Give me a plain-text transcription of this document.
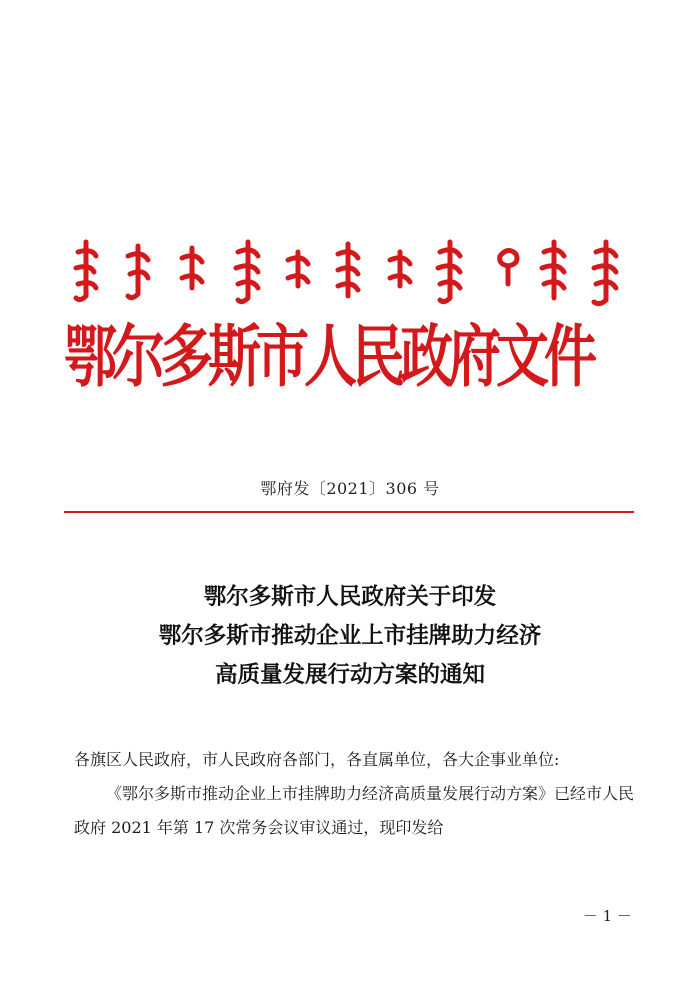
鄂尔多斯市人民政府文件
鄂府发〔2021〕306 号
鄂尔多斯市人民政府关于印发
鄂尔多斯市推动企业上市挂牌助力经济
高质量发展行动方案的通知

各旗区人民政府，市人民政府各部门，各直属单位，各大企事业单位:

《鄂尔多斯市推动企业上市挂牌助力经济高质量发展行动方案》已经市人民政府 2021 年第 17 次常务会议审议通过，现印发给

－ 1 －
